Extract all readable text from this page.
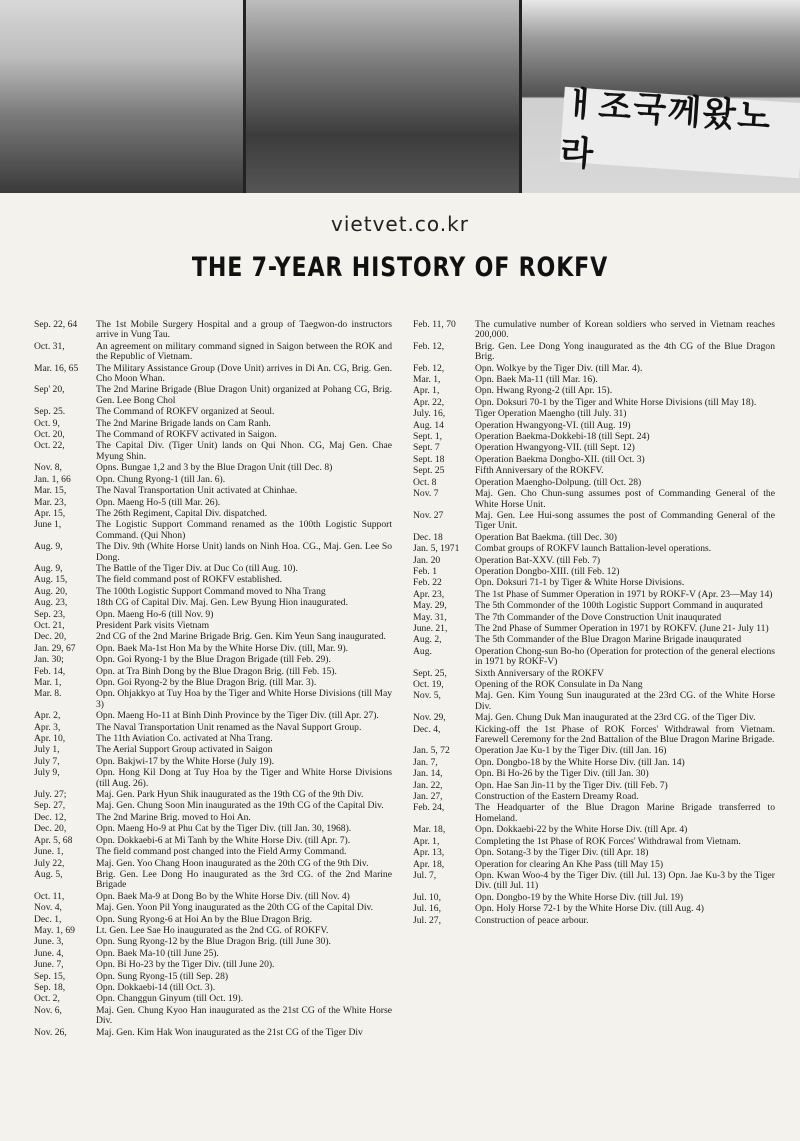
ㅐ조국께왔노라
vietvet.co.kr
THE 7-YEAR HISTORY OF ROKFV
Sep. 22, 64	The 1st Mobile Surgery Hospital and a group of Taegwon-do instructors arrive in Vung Tau.
Oct. 31,	An agreement on military command signed in Saigon between the ROK and the Republic of Vietnam.
Mar. 16, 65	The Military Assistance Group (Dove Unit) arrives in Di An. CG, Brig. Gen. Cho Moon Whan.
Sep' 20,	The 2nd Marine Brigade (Blue Dragon Unit) organized at Pohang CG, Brig. Gen. Lee Bong Chol
Sep. 25.	The Command of ROKFV organized at Seoul.
Oct. 9,	The 2nd Marine Brigade lands on Cam Ranh.
Oct. 20,	The Command of ROKFV activated in Saigon.
Oct. 22,	The Capital Div. (Tiger Unit) lands on Qui Nhon. CG, Maj Gen. Chae Myung Shin.
Nov. 8,	Opns. Bungae 1,2 and 3 by the Blue Dragon Unit (till Dec. 8)
Jan. 1, 66	Opn. Chung Ryong-1 (till Jan. 6).
Mar. 15,	The Naval Transportation Unit activated at Chinhae.
Mar. 23,	Opn. Maeng Ho-5 (till Mar. 26).
Apr. 15,	The 26th Regiment, Capital Div. dispatched.
June 1,	The Logistic Support Command renamed as the 100th Logistic Support Command. (Qui Nhon)
Aug. 9,	The Div. 9th (White Horse Unit) lands on Ninh Hoa. CG., Maj. Gen. Lee So Dong.
Aug. 9,	The Battle of the Tiger Div. at Duc Co (till Aug. 10).
Aug. 15,	The field command post of ROKFV established.
Aug. 20,	The 100th Logistic Support Command moved to Nha Trang
Aug. 23,	18th CG of Capital Div. Maj. Gen. Lew Byung Hion inaugurated.
Sep. 23,	Opn. Maeng Ho-6 (till Nov. 9)
Oct. 21,	President Park visits Vietnam
Dec. 20,	2nd CG of the 2nd Marine Brigade Brig. Gen. Kim Yeun Sang inaugurated.
Jan. 29, 67	Opn. Baek Ma-1st Hon Ma by the White Horse Div. (till, Mar. 9).
Jan. 30;	Opn. Goi Ryong-1 by the Blue Dragon Brigade (till Feb. 29).
Feb. 14,	Opn. at Tra Binh Dong by the Blue Dragon Brig. (till Feb. 15).
Mar. 1,	Opn. Goi Ryong-2 by the Blue Dragon Brig. (till Mar. 3).
Mar. 8.	Opn. Ohjakkyo at Tuy Hoa by the Tiger and White Horse Divisions (till May 3)
Apr. 2,	Opn. Maeng Ho-11 at Binh Dinh Province by the Tiger Div. (till Apr. 27).
Apr. 3,	The Naval Transportation Unit renamed as the Naval Support Group.
Apr. 10,	The 11th Aviation Co. activated at Nha Trang.
July 1,	The Aerial Support Group activated in Saigon
July 7,	Opn. Bakjwi-17 by the White Horse (July 19).
July 9,	Opn. Hong Kil Dong at Tuy Hoa by the Tiger and White Horse Divisions (till Aug. 26).
July. 27;	Maj. Gen. Park Hyun Shik inaugurated as the 19th CG of the 9th Div.
Sep. 27,	Maj. Gen. Chung Soon Min inaugurated as the 19th CG of the Capital Div.
Dec. 12,	The 2nd Marine Brig. moved to Hoi An.
Dec. 20,	Opn. Maeng Ho-9 at Phu Cat by the Tiger Div. (till Jan. 30, 1968).
Apr. 5, 68	Opn. Dokkaebi-6 at Mi Tanh by the White Horse Div. (till Apr. 7).
June. 1,	The field command post changed into the Field Army Command.
July 22,	Maj. Gen. Yoo Chang Hoon inaugurated as the 20th CG of the 9th Div.
Aug. 5,	Brig. Gen. Lee Dong Ho inaugurated as the 3rd CG. of the 2nd Marine Brigade
Oct. 11,	Opn. Baek Ma-9 at Dong Bo by the White Horse Div. (till Nov. 4)
Nov. 4,	Maj. Gen. Yoon Pil Yong inaugurated as the 20th CG of the Capital Div.
Dec. 1,	Opn. Sung Ryong-6 at Hoi An by the Blue Dragon Brig.
May. 1, 69	Lt. Gen. Lee Sae Ho inaugurated as the 2nd CG. of ROKFV.
June. 3,	Opn. Sung Ryong-12 by the Blue Dragon Brig. (till June 30).
June. 4,	Opn. Baek Ma-10 (till June 25).
June. 7,	Opn. Bi Ho-23 by the Tiger Div. (till June 20).
Sep. 15,	Opn. Sung Ryong-15 (till Sep. 28)
Sep. 18,	Opn. Dokkaebi-14 (till Oct. 3).
Oct. 2,	Opn. Changgun Ginyum (till Oct. 19).
Nov. 6,	Maj. Gen. Chung Kyoo Han inaugurated as the 21st CG of the White Horse Div.
Nov. 26,	Maj. Gen. Kim Hak Won inaugurated as the 21st CG of the Tiger Div
Feb. 11, 70	The cumulative number of Korean soldiers who served in Vietnam reaches 200,000.
Feb. 12,	Brig. Gen. Lee Dong Yong inaugurated as the 4th CG of the Blue Dragon Brig.
Feb. 12,	Opn. Wolkye by the Tiger Div. (till Mar. 4).
Mar. 1,	Opn. Baek Ma-11 (till Mar. 16).
Apr. 1,	Opn. Hwang Ryong-2 (till Apr. 15).
Apr. 22,	Opn. Doksuri 70-1 by the Tiger and White Horse Divisions (till May 18).
July. 16,	Tiger Operation Maengho (till July. 31)
Aug. 14	Operation Hwangyong-VI. (till Aug. 19)
Sept. 1,	Operation Baekma-Dokkebi-18 (till Sept. 24)
Sept. 7	Operation Hwangyong-VII. (till Sept. 12)
Sept. 18	Operation Baekma Dongbo-XII. (till Oct. 3)
Sept. 25	Fifth Anniversary of the ROKFV.
Oct. 8	Operation Maengho-Dolpung. (till Oct. 28)
Nov. 7	Maj. Gen. Cho Chun-sung assumes post of Commanding General of the White Horse Unit.
Nov. 27	Maj. Gen. Lee Hui-song assumes the post of Commanding General of the Tiger Unit.
Dec. 18	Operation Bat Baekma. (till Dec. 30)
Jan. 5, 1971	Combat groups of ROKFV launch Battalion-level operations.
Jan. 20	Operation Bat-XXV. (till Feb. 7)
Feb. 1	Operation Dongbo-XIII. (till Feb. 12)
Feb. 22	Opn. Doksuri 71-1 by Tiger & White Horse Divisions.
Apr. 23,	The 1st Phase of Summer Operation in 1971 by ROKF-V (Apr. 23—May 14)
May. 29,	The 5th Commonder of the 100th Logistic Support Command in auqurated
May. 31,	The 7th Commander of the Dove Construction Unit inauqurated
June. 21,	The 2nd Phase of Summer Operation in 1971 by ROKFV. (June 21- July 11)
Aug. 2,	The 5th Commander of the Blue Dragon Marine Brigade inauqurated
Aug.	Operation Chong-sun Bo-ho (Operation for protection of the general elections in 1971 by ROKF-V)
Sept. 25,	Sixth Anniversary of the ROKFV
Oct. 19,	Opening of the ROK Consulate in Da Nang
Nov. 5,	Maj. Gen. Kim Young Sun inaugurated at the 23rd CG. of the White Horse Div.
Nov. 29,	Maj. Gen. Chung Duk Man inaugurated at the 23rd CG. of the Tiger Div.
Dec. 4,	Kicking-off the 1st Phase of ROK Forces' Withdrawal from Vietnam. Farewell Ceremony for the 2nd Battalion of the Blue Dragon Marine Brigade.
Jan. 5, 72	Operation Jae Ku-1 by the Tiger Div. (till Jan. 16)
Jan. 7,	Opn. Dongbo-18 by the White Horse Div. (till Jan. 14)
Jan. 14,	Opn. Bi Ho-26 by the Tiger Div. (till Jan. 30)
Jan. 22,	Opn. Hae San Jin-11 by the Tiger Div. (till Feb. 7)
Jan. 27,	Construction of the Eastern Dreamy Road.
Feb. 24,	The Headquarter of the Blue Dragon Marine Brigade transferred to Homeland.
Mar. 18,	Opn. Dokkaebi-22 by the White Horse Div. (till Apr. 4)
Apr. 1,	Completing the 1st Phase of ROK Forces' Withdrawal from Vietnam.
Apr. 13,	Opn. Sotang-3 by the Tiger Div. (till Apr. 18)
Apr. 18,	Operation for clearing An Khe Pass (till May 15)
Jul. 7,	Opn. Kwan Woo-4 by the Tiger Div. (till Jul. 13) Opn. Jae Ku-3 by the Tiger Div. (till Jul. 11)
Jul. 10,	Opn. Dongbo-19 by the White Horse Div. (till Jul. 19)
Jul. 16,	Opn. Holy Horse 72-1 by the White Horse Div. (till Aug. 4)
Jul. 27,	Construction of peace arbour.
